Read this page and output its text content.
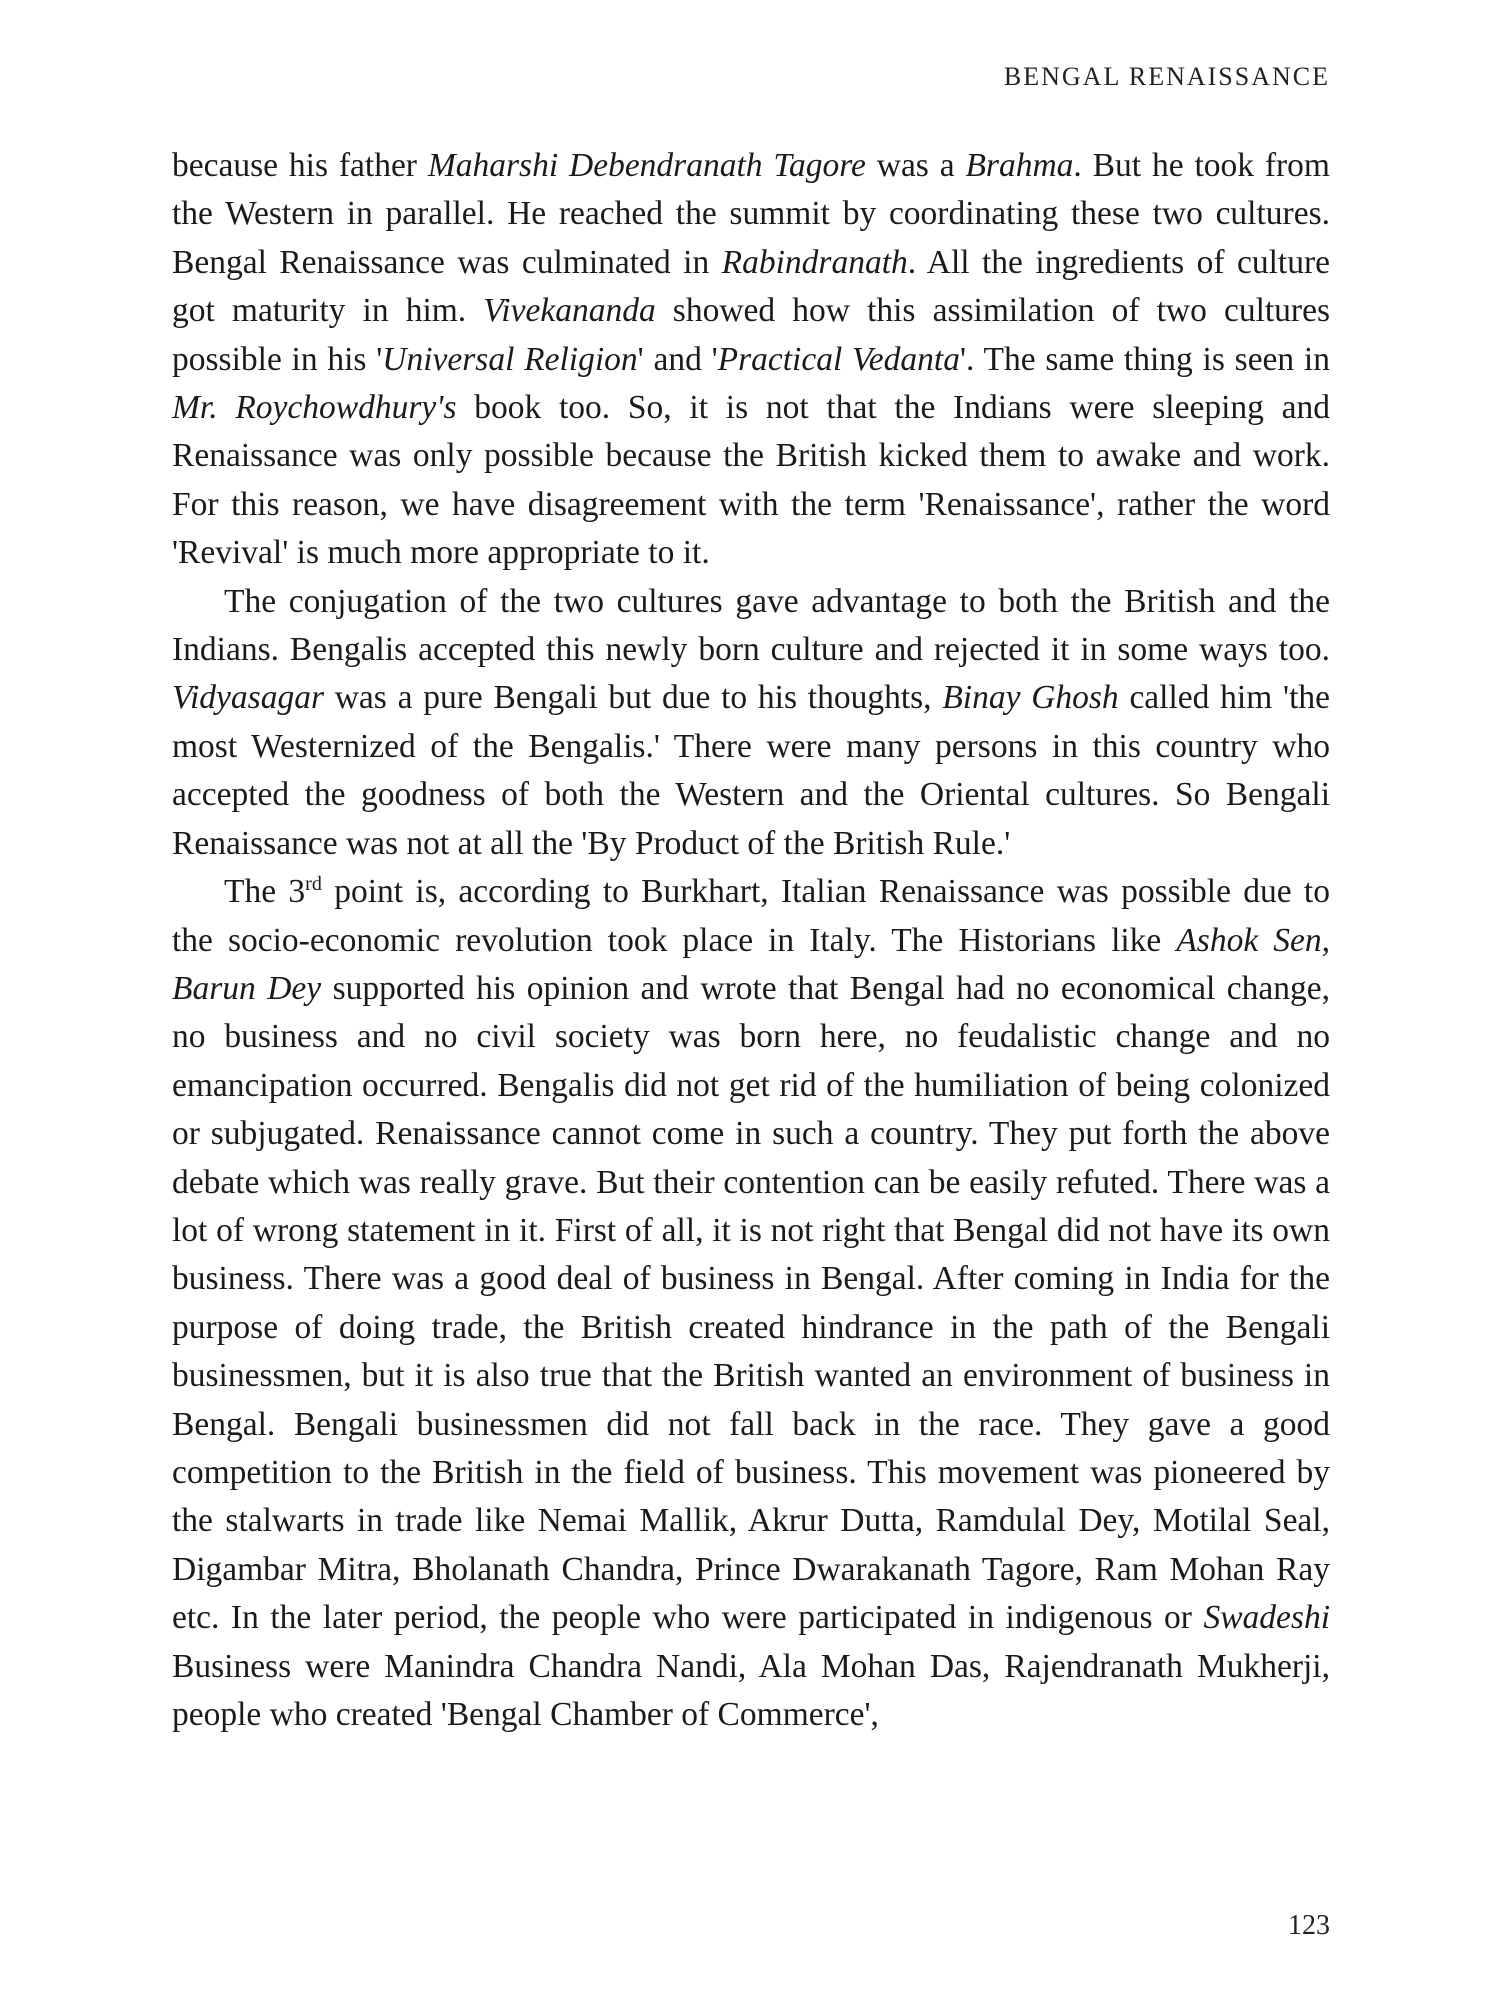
BENGAL RENAISSANCE

because his father Maharshi Debendranath Tagore was a Brahma. But he took from the Western in parallel. He reached the summit by coordinating these two cultures. Bengal Renaissance was culminated in Rabindranath. All the ingredients of culture got maturity in him. Vivekananda showed how this assimilation of two cultures possible in his 'Universal Religion' and 'Practical Vedanta'. The same thing is seen in Mr. Roychowdhury's book too. So, it is not that the Indians were sleeping and Renaissance was only possible because the British kicked them to awake and work. For this reason, we have disagreement with the term 'Renaissance', rather the word 'Revival' is much more appropriate to it.

The conjugation of the two cultures gave advantage to both the British and the Indians. Bengalis accepted this newly born culture and rejected it in some ways too. Vidyasagar was a pure Bengali but due to his thoughts, Binay Ghosh called him 'the most Westernized of the Bengalis.' There were many persons in this country who accepted the goodness of both the Western and the Oriental cultures. So Bengali Renaissance was not at all the 'By Product of the British Rule.'

The 3rd point is, according to Burkhart, Italian Renaissance was possible due to the socio-economic revolution took place in Italy. The Historians like Ashok Sen, Barun Dey supported his opinion and wrote that Bengal had no economical change, no business and no civil society was born here, no feudalistic change and no emancipation occurred. Bengalis did not get rid of the humiliation of being colonized or subjugated. Renaissance cannot come in such a country. They put forth the above debate which was really grave. But their contention can be easily refuted. There was a lot of wrong statement in it. First of all, it is not right that Bengal did not have its own business. There was a good deal of business in Bengal. After coming in India for the purpose of doing trade, the British created hindrance in the path of the Bengali businessmen, but it is also true that the British wanted an environment of business in Bengal. Bengali businessmen did not fall back in the race. They gave a good competition to the British in the field of business. This movement was pioneered by the stalwarts in trade like Nemai Mallik, Akrur Dutta, Ramdulal Dey, Motilal Seal, Digambar Mitra, Bholanath Chandra, Prince Dwarakanath Tagore, Ram Mohan Ray etc. In the later period, the people who were participated in indigenous or Swadeshi Business were Manindra Chandra Nandi, Ala Mohan Das, Rajendranath Mukherji, people who created 'Bengal Chamber of Commerce',

123
